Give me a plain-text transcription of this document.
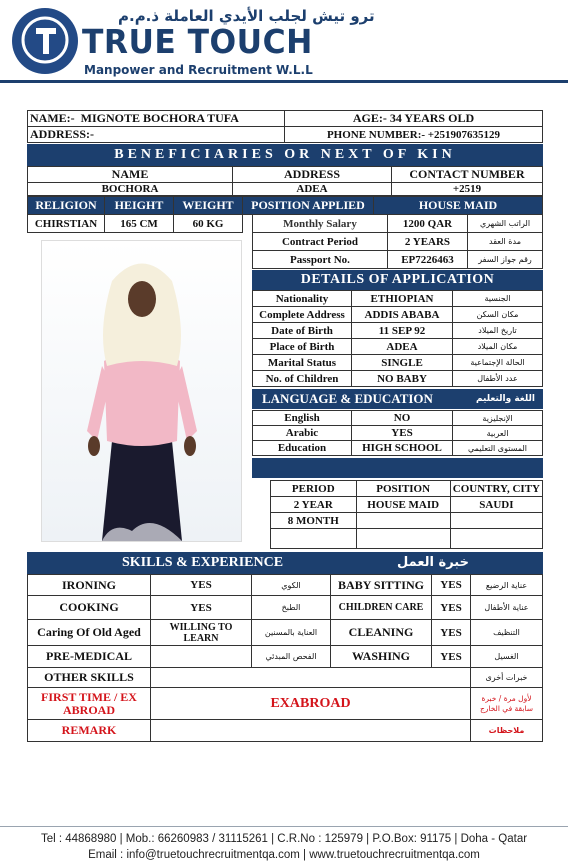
ترو تيش لجلب الأيدي العاملة ذ.م.م
TRUE TOUCH
Manpower and Recruitment W.L.L
NAME:- MIGNOTE BOCHORA TUFA	AGE:- 34 YEARS OLD
ADDRESS:-	PHONE NUMBER:- +251907635129
BENEFICIARIES OR NEXT OF KIN
NAME	ADDRESS	CONTACT NUMBER
BOCHORA	ADEA	+2519
RELIGION	HEIGHT	WEIGHT	POSITION APPLIED	HOUSE MAID
CHIRSTIAN	165 CM	60 KG			Monthly Salary	1200 QAR	الراتب الشهري
Contract Period	2 YEARS	مدة العقد
Passport No.	EP7226463	رقم جواز السفر
DETAILS OF APPLICATION
Nationality	ETHIOPIAN	الجنسية
Complete Address	ADDIS ABABA	مكان السكن
Date of Birth	11 SEP 92	تاريخ الميلاد
Place of Birth	ADEA	مكان الميلاد
Marital Status	SINGLE	الحالة الإجتماعية
No. of Children	NO BABY	عدد الأطفال
LANGUAGE & EDUCATION	اللغة والتعليم
English	NO	الإنجليزية
Arabic	YES	العربية
Education	HIGH SCHOOL	المستوى التعليمي
PERIOD	POSITION	COUNTRY, CITY
2 YEAR	HOUSE MAID	SAUDI
8 MONTH		

SKILLS & EXPERIENCE	خبرة العمل
IRONING	YES	الكوي	BABY SITTING	YES	عناية الرضيع
COOKING	YES	الطبخ	CHILDREN CARE	YES	عناية الأطفال
Caring Of Old Aged	WILLING TO LEARN	العناية بالمسنين	CLEANING	YES	التنظيف
PRE-MEDICAL		الفحص المبدئي	WASHING	YES	الغسيل
OTHER SKILLS					خبرات أخرى
FIRST TIME / EX ABROAD	EXABROAD				لأول مرة / خبرة سابقة في الخارج
REMARK					ملاحظات
Tel : 44868980 | Mob.: 66260983 / 31115261 | C.R.No : 125979 | P.O.Box: 91175 | Doha - Qatar
Email : info@truetouchrecruitmentqa.com | www.truetouchrecruitmentqa.com
